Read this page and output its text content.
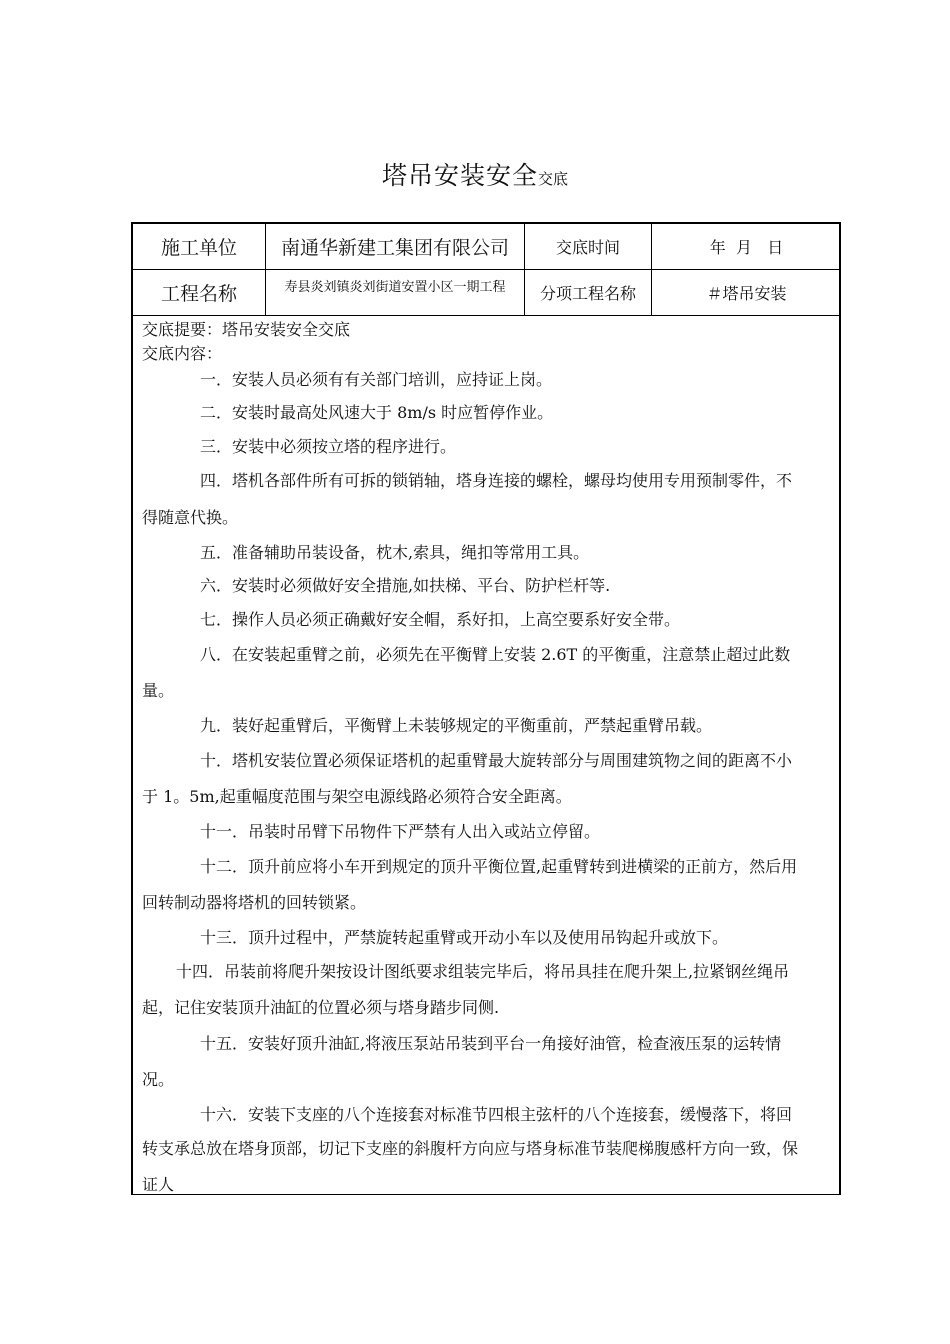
塔吊安装安全交底
施工单位	南通华新建工集团有限公司	交底时间	年  月   日
工程名称	寿县炎刘镇炎刘街道安置小区一期工程	分项工程名称	＃塔吊安装
交底提要：塔吊安装安全交底
交底内容：
一．安装人员必须有有关部门培训，应持证上岗。
二．安装时最高处风速大于 8m/s 时应暂停作业。
三．安装中必须按立塔的程序进行。
四．塔机各部件所有可拆的锁销轴，塔身连接的螺栓，螺母均使用专用预制零件，不
得随意代换。
五．准备辅助吊装设备，枕木,索具，绳扣等常用工具。
六．安装时必须做好安全措施,如扶梯、平台、防护栏杆等.
七．操作人员必须正确戴好安全帽，系好扣，上高空要系好安全带。
八．在安装起重臂之前，必须先在平衡臂上安装 2.6T 的平衡重，注意禁止超过此数
量。
九．装好起重臂后，平衡臂上未装够规定的平衡重前，严禁起重臂吊载。
十．塔机安装位置必须保证塔机的起重臂最大旋转部分与周围建筑物之间的距离不小
于 1。5m,起重幅度范围与架空电源线路必须符合安全距离。
十一．吊装时吊臂下吊物件下严禁有人出入或站立停留。
十二．顶升前应将小车开到规定的顶升平衡位置,起重臂转到进横梁的正前方，然后用
回转制动器将塔机的回转锁紧。
十三．顶升过程中，严禁旋转起重臂或开动小车以及使用吊钩起升或放下。
十四．吊装前将爬升架按设计图纸要求组装完毕后，将吊具挂在爬升架上,拉紧钢丝绳吊
起，记住安装顶升油缸的位置必须与塔身踏步同侧.
十五．安装好顶升油缸,将液压泵站吊装到平台一角接好油管，检查液压泵的运转情
况。
十六．安装下支座的八个连接套对标准节四根主弦杆的八个连接套，缓慢落下，将回
转支承总放在塔身顶部，切记下支座的斜腹杆方向应与塔身标准节装爬梯腹感杆方向一致，保
证人
